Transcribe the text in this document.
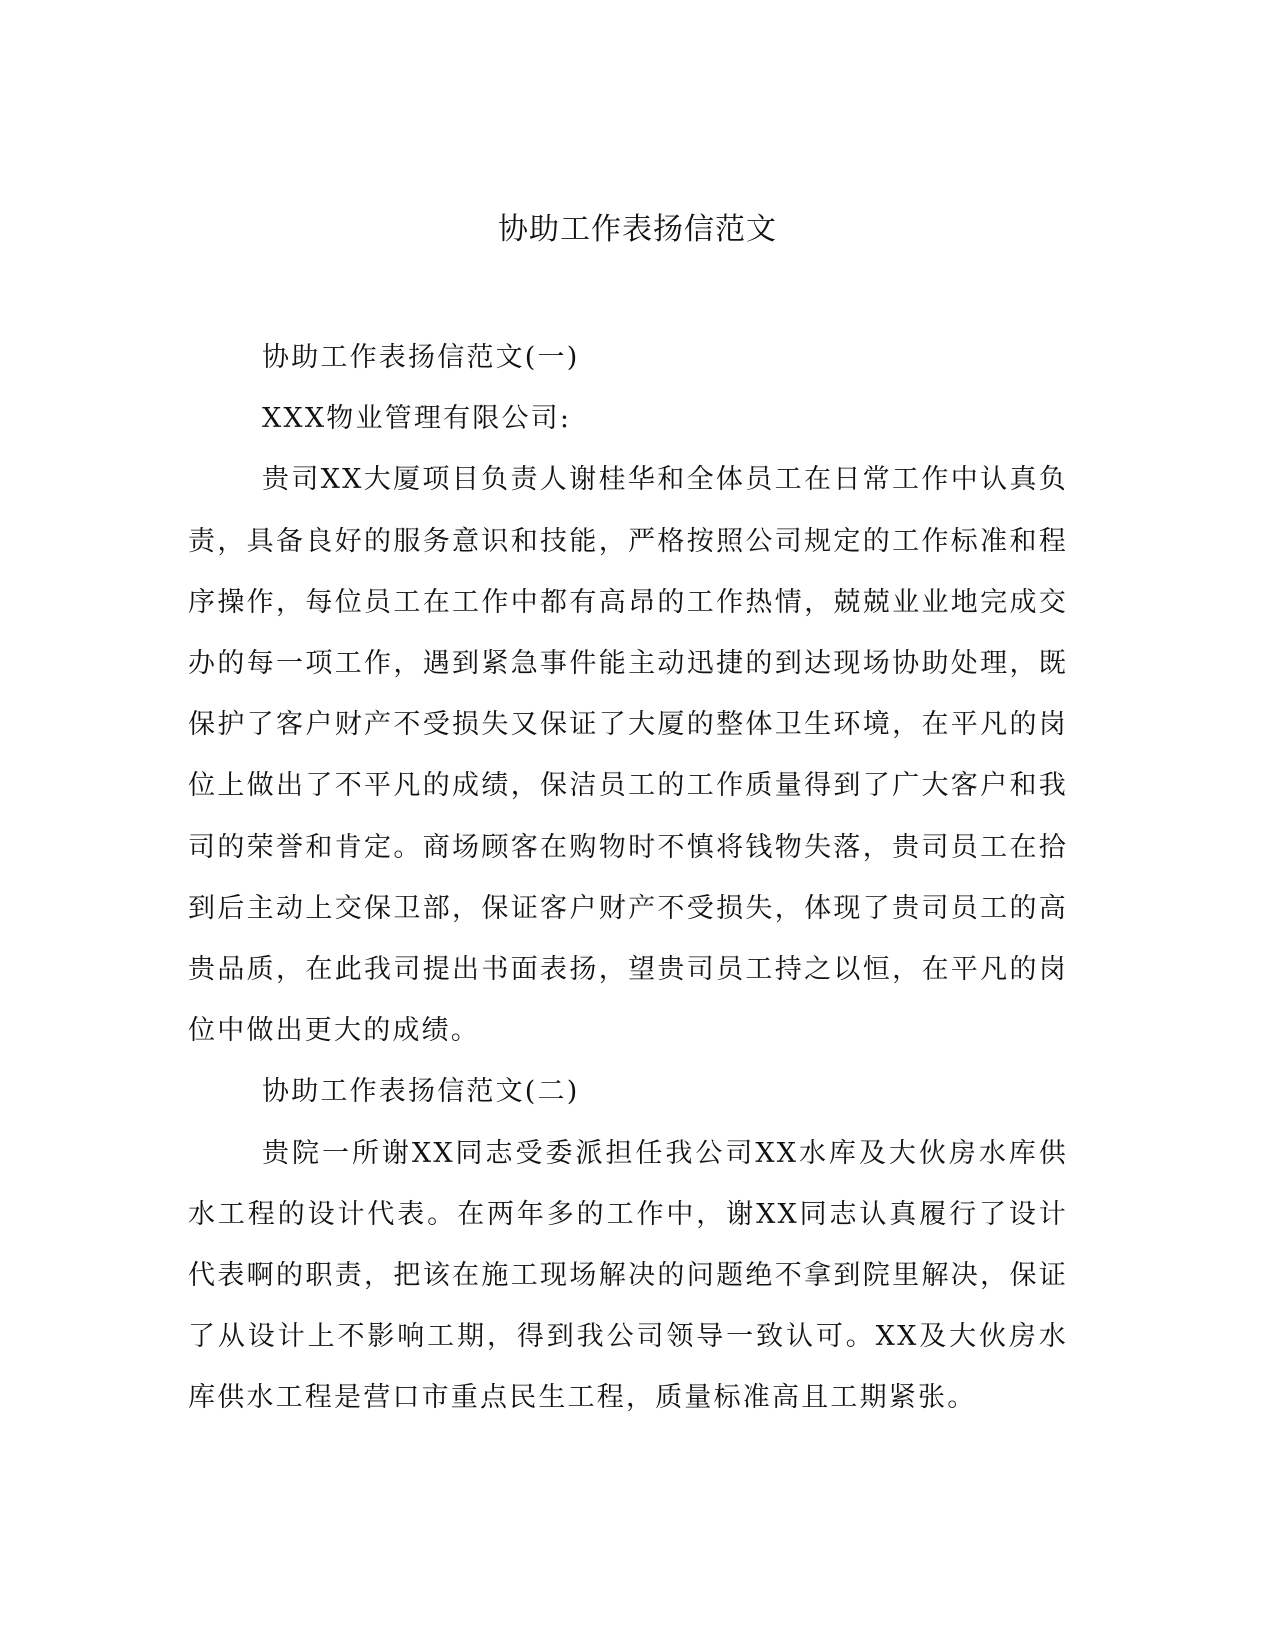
协助工作表扬信范文

协助工作表扬信范文(一)

XXX物业管理有限公司:

贵司XX大厦项目负责人谢桂华和全体员工在日常工作中认真负责，具备良好的服务意识和技能，严格按照公司规定的工作标准和程序操作，每位员工在工作中都有高昂的工作热情，兢兢业业地完成交办的每一项工作，遇到紧急事件能主动迅捷的到达现场协助处理，既保护了客户财产不受损失又保证了大厦的整体卫生环境，在平凡的岗位上做出了不平凡的成绩，保洁员工的工作质量得到了广大客户和我司的荣誉和肯定。商场顾客在购物时不慎将钱物失落，贵司员工在拾到后主动上交保卫部，保证客户财产不受损失，体现了贵司员工的高贵品质，在此我司提出书面表扬，望贵司员工持之以恒，在平凡的岗位中做出更大的成绩。

协助工作表扬信范文(二)

贵院一所谢XX同志受委派担任我公司XX水库及大伙房水库供水工程的设计代表。在两年多的工作中，谢XX同志认真履行了设计代表啊的职责，把该在施工现场解决的问题绝不拿到院里解决，保证了从设计上不影响工期，得到我公司领导一致认可。XX及大伙房水库供水工程是营口市重点民生工程，质量标准高且工期紧张。
